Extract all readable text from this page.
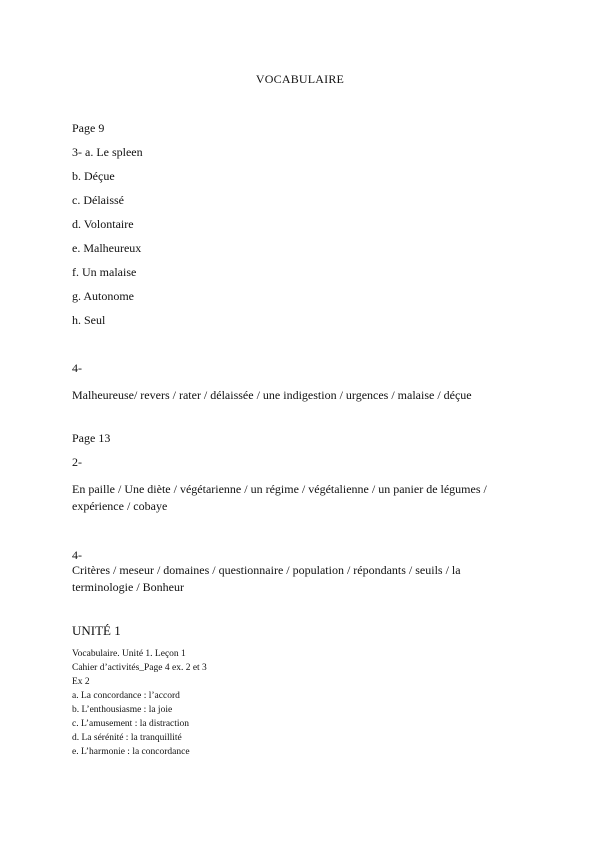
VOCABULAIRE
Page 9
3- a. Le spleen
b. Déçue
c. Délaissé
d. Volontaire
e. Malheureux
f. Un malaise
g. Autonome
h. Seul
4-
Malheureuse/ revers / rater / délaissée / une indigestion / urgences / malaise / déçue
Page 13
2-
En paille / Une diète / végétarienne / un régime / végétalienne / un panier de légumes / expérience / cobaye
4-
Critères / meseur / domaines / questionnaire / population / répondants / seuils / la terminologie / Bonheur
UNITÉ 1
Vocabulaire. Unité 1. Leçon 1
Cahier d’activités_Page 4 ex. 2 et 3
Ex 2
a. La concordance : l’accord
b. L’enthousiasme : la joie
c. L’amusement : la distraction
d. La sérénité : la tranquillité
e. L’harmonie : la concordance
